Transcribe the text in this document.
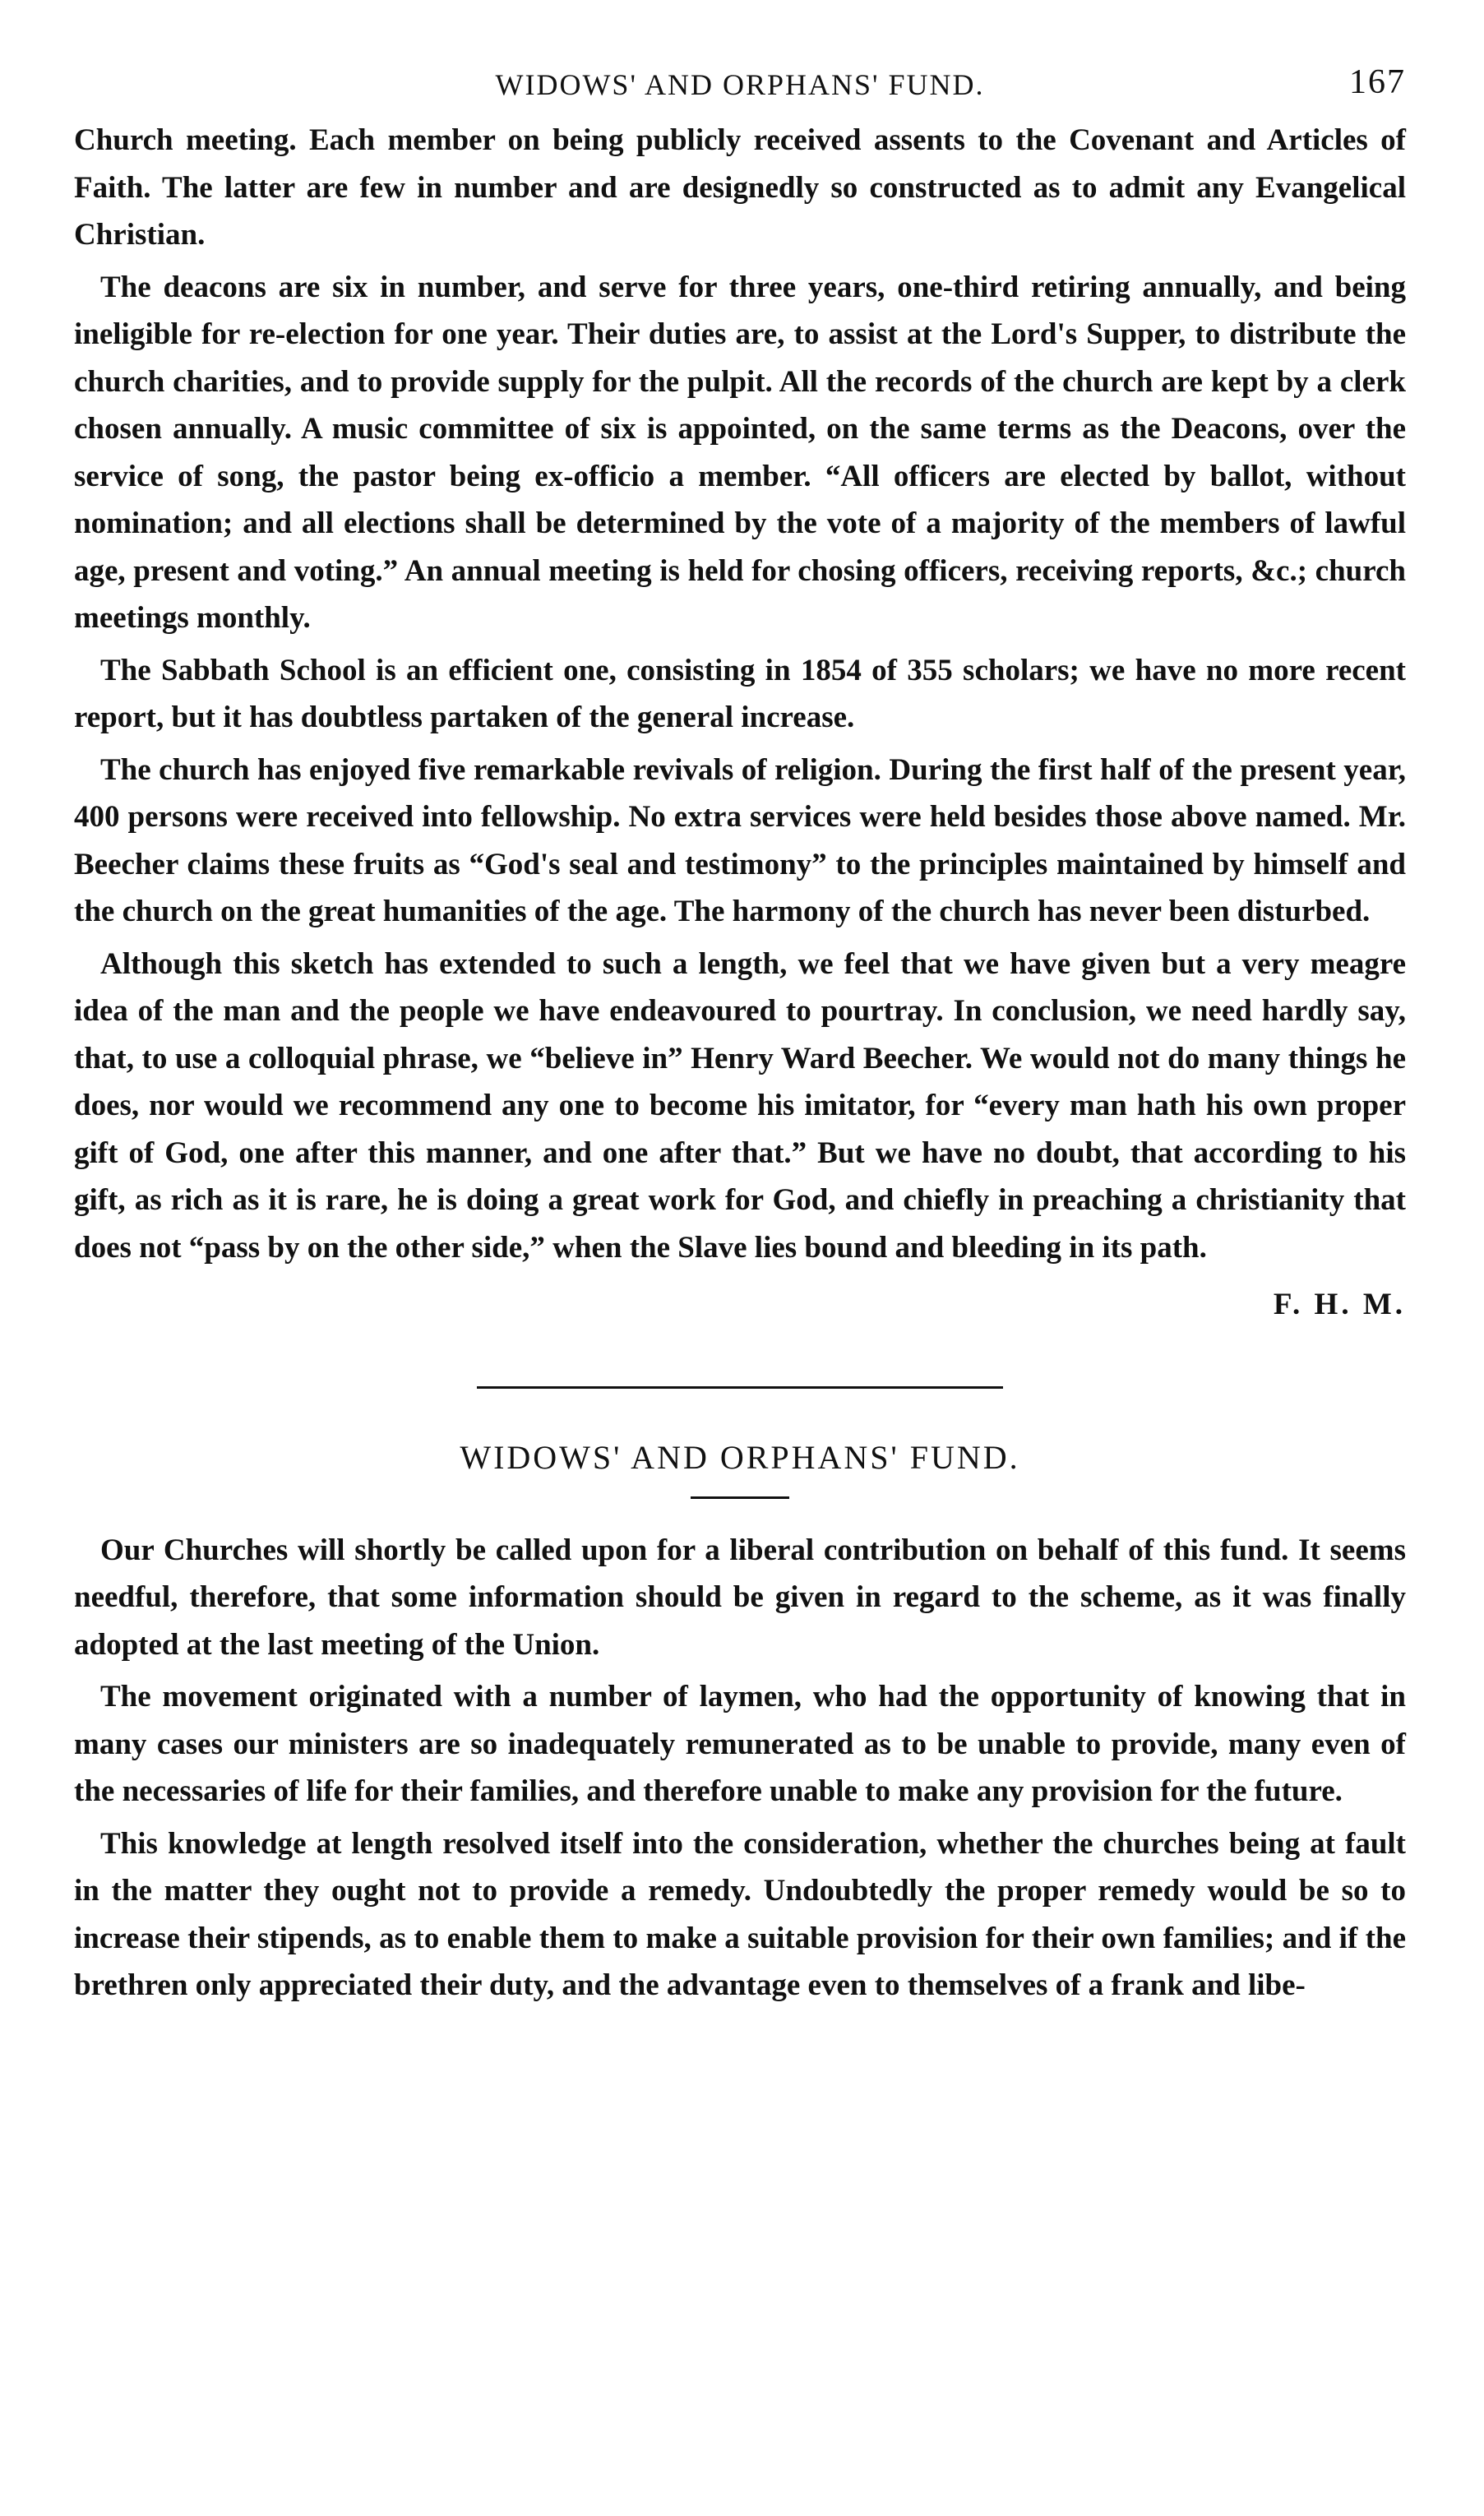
WIDOWS' AND ORPHANS' FUND.	167

Church meeting. Each member on being publicly received assents to the Covenant and Articles of Faith. The latter are few in number and are designedly so constructed as to admit any Evangelical Christian.

The deacons are six in number, and serve for three years, one-third retiring annually, and being ineligible for re-election for one year. Their duties are, to assist at the Lord's Supper, to distribute the church charities, and to provide supply for the pulpit. All the records of the church are kept by a clerk chosen annually. A music committee of six is appointed, on the same terms as the Deacons, over the service of song, the pastor being ex-officio a member. “All officers are elected by ballot, without nomination; and all elections shall be determined by the vote of a majority of the members of lawful age, present and voting.” An annual meeting is held for chosing officers, receiving reports, &c.; church meetings monthly.

The Sabbath School is an efficient one, consisting in 1854 of 355 scholars; we have no more recent report, but it has doubtless partaken of the general increase.

The church has enjoyed five remarkable revivals of religion. During the first half of the present year, 400 persons were received into fellowship. No extra services were held besides those above named. Mr. Beecher claims these fruits as “God's seal and testimony” to the principles maintained by himself and the church on the great humanities of the age. The harmony of the church has never been disturbed.

Although this sketch has extended to such a length, we feel that we have given but a very meagre idea of the man and the people we have endeavoured to pourtray. In conclusion, we need hardly say, that, to use a colloquial phrase, we “believe in” Henry Ward Beecher. We would not do many things he does, nor would we recommend any one to become his imitator, for “every man hath his own proper gift of God, one after this manner, and one after that.” But we have no doubt, that according to his gift, as rich as it is rare, he is doing a great work for God, and chiefly in preaching a christianity that does not “pass by on the other side,” when the Slave lies bound and bleeding in its path.

F. H. M.
WIDOWS' AND ORPHANS' FUND.

Our Churches will shortly be called upon for a liberal contribution on behalf of this fund. It seems needful, therefore, that some information should be given in regard to the scheme, as it was finally adopted at the last meeting of the Union.

The movement originated with a number of laymen, who had the opportunity of knowing that in many cases our ministers are so inadequately remunerated as to be unable to provide, many even of the necessaries of life for their families, and therefore unable to make any provision for the future.

This knowledge at length resolved itself into the consideration, whether the churches being at fault in the matter they ought not to provide a remedy. Undoubtedly the proper remedy would be so to increase their stipends, as to enable them to make a suitable provision for their own families; and if the brethren only appreciated their duty, and the advantage even to themselves of a frank and libe-
